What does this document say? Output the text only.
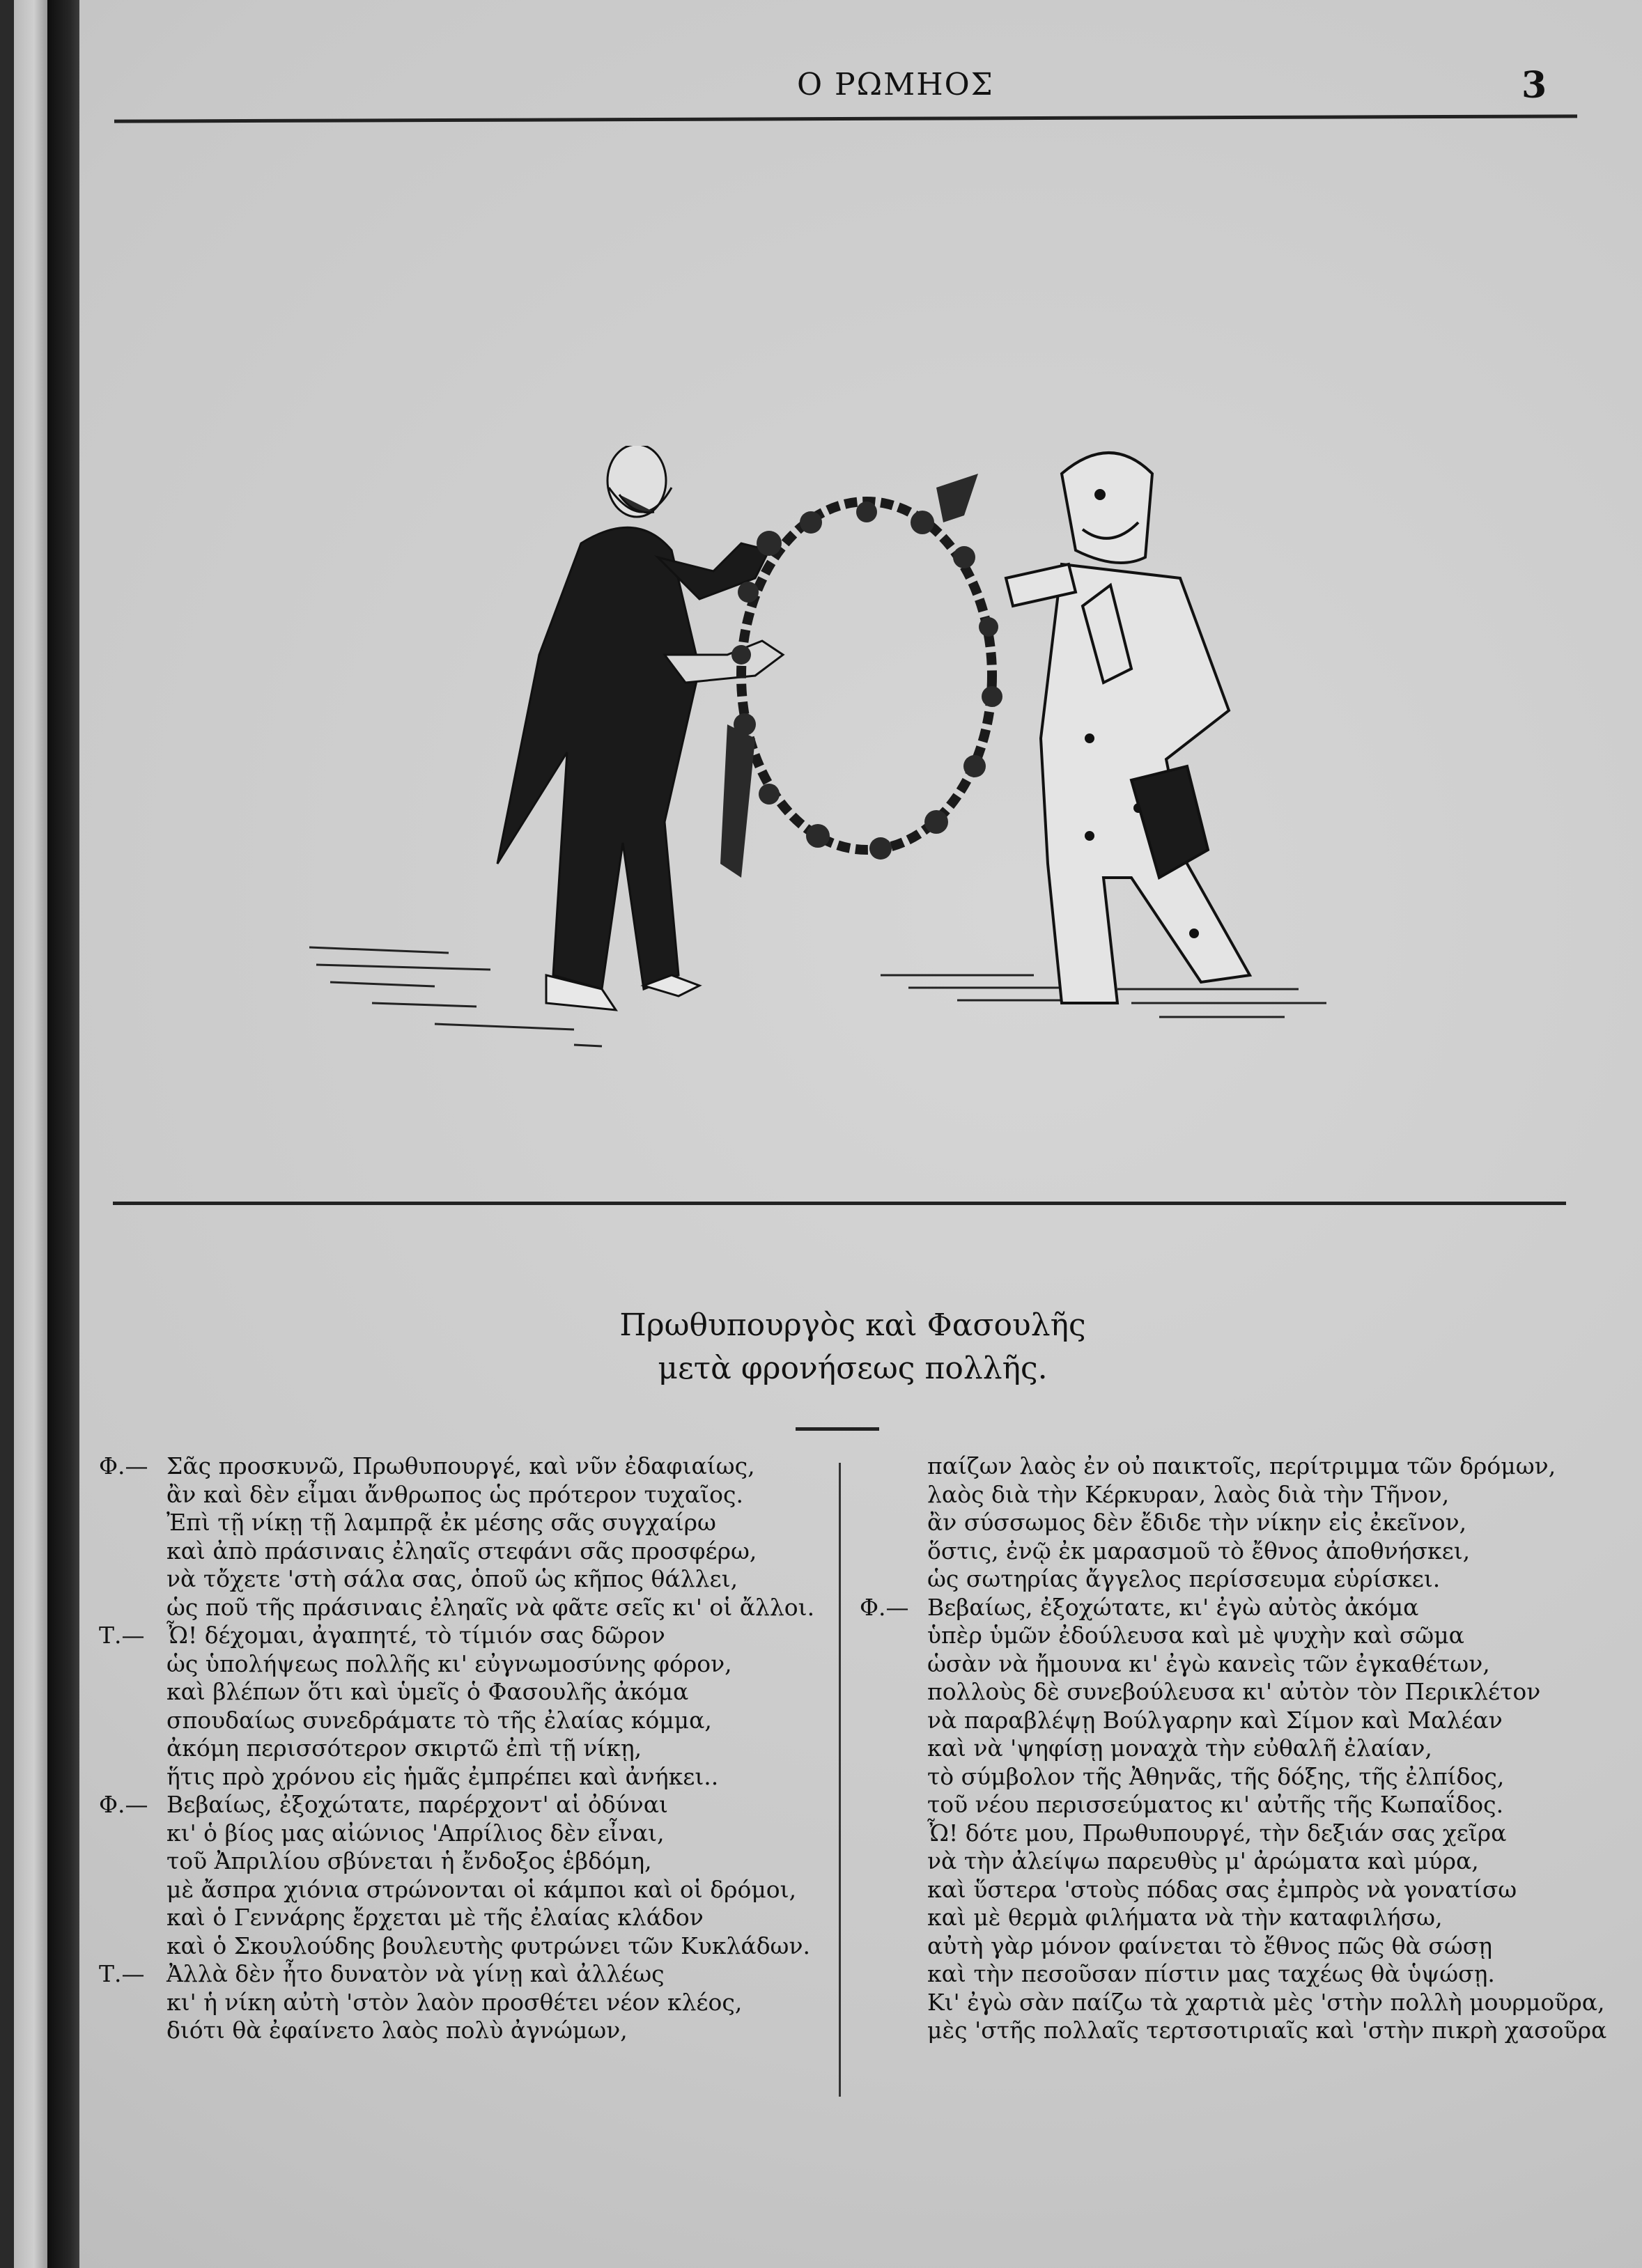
Ο ΡΩΜΗΟΣ	3
Πρωθυπουργὸς καὶ Φασουλῆς
μετὰ φρονήσεως πολλῆς.
Φ.— Σᾶς προσκυνῶ, Πρωθυπουργέ, καὶ νῦν ἐδαφιαίως,
ἂν καὶ δὲν εἶμαι ἄνθρωπος ὡς πρότερον τυχαῖος.
Ἐπὶ τῇ νίκῃ τῇ λαμπρᾷ ἐκ μέσης σᾶς συγχαίρω
καὶ ἀπὸ πράσιναις ἐληαῖς στεφάνι σᾶς προσφέρω,
νὰ τὄχετε 'στὴ σάλα σας, ὁποῦ ὡς κῆπος θάλλει,
ὡς ποῦ τῆς πράσιναις ἐληαῖς νὰ φᾶτε σεῖς κι' οἱ ἄλλοι.
Τ.— Ὦ! δέχομαι, ἀγαπητέ, τὸ τίμιόν σας δῶρον
ὡς ὑπολήψεως πολλῆς κι' εὐγνωμοσύνης φόρον,
καὶ βλέπων ὅτι καὶ ὑμεῖς ὁ Φασουλῆς ἀκόμα
σπουδαίως συνεδράματε τὸ τῆς ἐλαίας κόμμα,
ἀκόμη περισσότερον σκιρτῶ ἐπὶ τῇ νίκῃ,
ἥτις πρὸ χρόνου εἰς ἡμᾶς ἐμπρέπει καὶ ἀνήκει..
Φ.— Βεβαίως, ἐξοχώτατε, παρέρχοντ' αἱ ὀδύναι
κι' ὁ βίος μας αἰώνιος 'Απρίλιος δὲν εἶναι,
τοῦ Ἀπριλίου σβύνεται ἡ ἔνδοξος ἑβδόμη,
μὲ ἄσπρα χιόνια στρώνονται οἱ κάμποι καὶ οἱ δρόμοι,
καὶ ὁ Γεννάρης ἔρχεται μὲ τῆς ἐλαίας κλάδον
καὶ ὁ Σκουλούδης βουλευτὴς φυτρώνει τῶν Κυκλάδων.
Τ.— Ἀλλὰ δὲν ἦτο δυνατὸν νὰ γίνῃ καὶ ἀλλέως
κι' ἡ νίκη αὐτὴ 'στὸν λαὸν προσθέτει νέον κλέος,
διότι θὰ ἐφαίνετο λαὸς πολὺ ἀγνώμων,
παίζων λαὸς ἐν οὐ παικτοῖς, περίτριμμα τῶν δρόμων,
λαὸς διὰ τὴν Κέρκυραν, λαὸς διὰ τὴν Τῆνον,
ἂν σύσσωμος δὲν ἔδιδε τὴν νίκην εἰς ἐκεῖνον,
ὅστις, ἐνῷ ἐκ μαρασμοῦ τὸ ἔθνος ἀποθνήσκει,
ὡς σωτηρίας ἄγγελος περίσσευμα εὑρίσκει.
Φ.— Βεβαίως, ἐξοχώτατε, κι' ἐγὼ αὐτὸς ἀκόμα
ὑπὲρ ὑμῶν ἐδούλευσα καὶ μὲ ψυχὴν καὶ σῶμα
ὡσὰν νὰ ἤμουνα κι' ἐγὼ κανεὶς τῶν ἐγκαθέτων,
πολλοὺς δὲ συνεβούλευσα κι' αὐτὸν τὸν Περικλέτον
νὰ παραβλέψῃ Βούλγαρην καὶ Σίμον καὶ Μαλέαν
καὶ νὰ 'ψηφίσῃ μοναχὰ τὴν εὐθαλῆ ἐλαίαν,
τὸ σύμβολον τῆς Ἀθηνᾶς, τῆς δόξης, τῆς ἐλπίδος,
τοῦ νέου περισσεύματος κι' αὐτῆς τῆς Κωπαΐδος.
Ὦ! δότε μου, Πρωθυπουργέ, τὴν δεξιάν σας χεῖρα
νὰ τὴν ἀλείψω παρευθὺς μ' ἀρώματα καὶ μύρα,
καὶ ὕστερα 'στοὺς πόδας σας ἐμπρὸς νὰ γονατίσω
καὶ μὲ θερμὰ φιλήματα νὰ τὴν καταφιλήσω,
αὐτὴ γὰρ μόνον φαίνεται τὸ ἔθνος πῶς θὰ σώσῃ
καὶ τὴν πεσοῦσαν πίστιν μας ταχέως θὰ ὑψώσῃ.
Κι' ἐγὼ σὰν παίζω τὰ χαρτιὰ μὲς 'στὴν πολλὴ μουρμοῦρα,
μὲς 'στῆς πολλαῖς τερτσοτιριαῖς καὶ 'στὴν πικρὴ χασοῦρα
